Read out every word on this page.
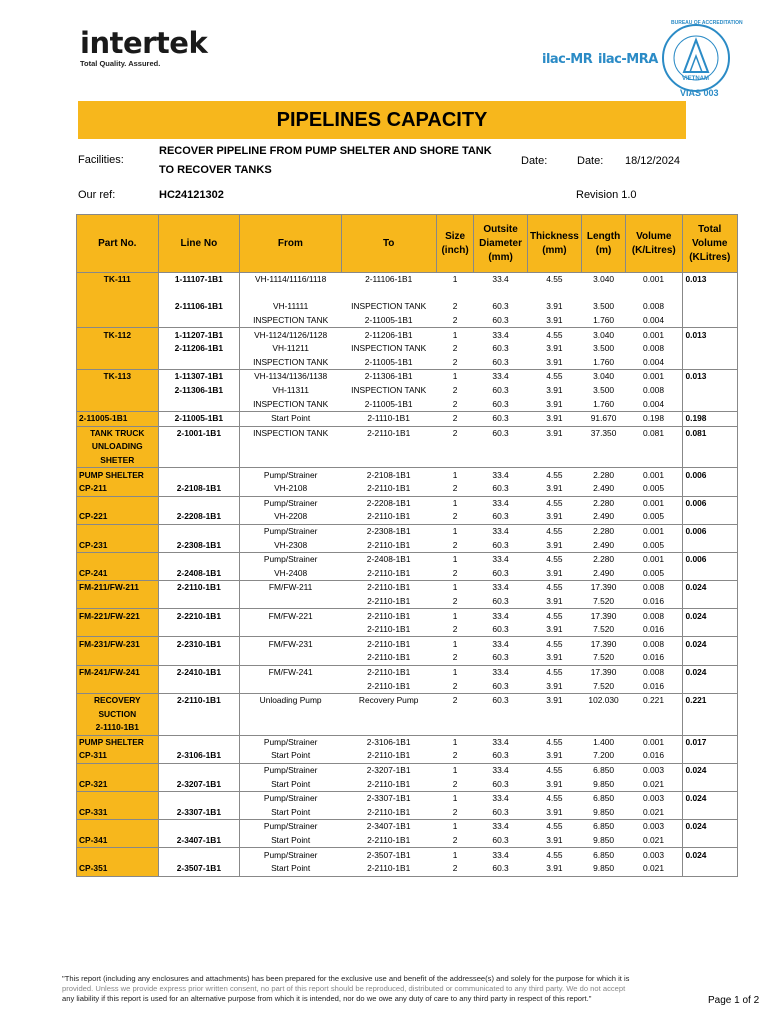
intertek
Total Quality. Assured.	ilac-MR ilac-MRA
BUREAU OF ACCREDITATION
VIETNAM
VIAS 003
PIPELINES CAPACITY
Facilities:
RECOVER PIPELINE FROM PUMP SHELTER AND SHORE TANK
TO RECOVER TANKS
Date:	Date: 18/12/2024
Our ref:	HC24121302	Revision 1.0
Part No.	Line No	From	To	Size (inch)	Outsite Diameter (mm)	Thickness (mm)	Length (m)	Volume (K/Litres)	Total Volume (KLitres)
TK-111	1-11107-1B1	VH-1114/1116/1118	2-11106-1B1	1	33.4	4.55	3.040	0.001	0.013

	2-11106-1B1	VH-11111	INSPECTION TANK	2	60.3	3.91	3.500	0.008	
		INSPECTION TANK	2-11005-1B1	2	60.3	3.91	1.760	0.004	
TK-112	1-11207-1B1	VH-1124/1126/1128	2-11206-1B1	1	33.4	4.55	3.040	0.001	0.013
	2-11206-1B1	VH-11211	INSPECTION TANK	2	60.3	3.91	3.500	0.008	
		INSPECTION TANK	2-11005-1B1	2	60.3	3.91	1.760	0.004	
TK-113	1-11307-1B1	VH-1134/1136/1138	2-11306-1B1	1	33.4	4.55	3.040	0.001	0.013
	2-11306-1B1	VH-11311	INSPECTION TANK	2	60.3	3.91	3.500	0.008	
		INSPECTION TANK	2-11005-1B1	2	60.3	3.91	1.760	0.004	
2-11005-1B1	2-11005-1B1	Start Point	2-1110-1B1	2	60.3	3.91	91.670	0.198	0.198
TANK TRUCK	2-1001-1B1	INSPECTION TANK	2-2110-1B1	2	60.3	3.91	37.350	0.081	0.081
UNLOADING									
SHETER									
PUMP SHELTER		Pump/Strainer	2-2108-1B1	1	33.4	4.55	2.280	0.001	0.006
CP-211	2-2108-1B1	VH-2108	2-2110-1B1	2	60.3	3.91	2.490	0.005	
		Pump/Strainer	2-2208-1B1	1	33.4	4.55	2.280	0.001	0.006
CP-221	2-2208-1B1	VH-2208	2-2110-1B1	2	60.3	3.91	2.490	0.005	
		Pump/Strainer	2-2308-1B1	1	33.4	4.55	2.280	0.001	0.006
CP-231	2-2308-1B1	VH-2308	2-2110-1B1	2	60.3	3.91	2.490	0.005	
		Pump/Strainer	2-2408-1B1	1	33.4	4.55	2.280	0.001	0.006
CP-241	2-2408-1B1	VH-2408	2-2110-1B1	2	60.3	3.91	2.490	0.005	
FM-211/FW-211	2-2110-1B1	FM/FW-211	2-2110-1B1	1	33.4	4.55	17.390	0.008	0.024
			2-2110-1B1	2	60.3	3.91	7.520	0.016	
FM-221/FW-221	2-2210-1B1	FM/FW-221	2-2110-1B1	1	33.4	4.55	17.390	0.008	0.024
			2-2110-1B1	2	60.3	3.91	7.520	0.016	
FM-231/FW-231	2-2310-1B1	FM/FW-231	2-2110-1B1	1	33.4	4.55	17.390	0.008	0.024
			2-2110-1B1	2	60.3	3.91	7.520	0.016	
FM-241/FW-241	2-2410-1B1	FM/FW-241	2-2110-1B1	1	33.4	4.55	17.390	0.008	0.024
			2-2110-1B1	2	60.3	3.91	7.520	0.016	
RECOVERY	2-2110-1B1	Unloading Pump	Recovery Pump	2	60.3	3.91	102.030	0.221	0.221
SUCTION									
2-1110-1B1									
PUMP SHELTER		Pump/Strainer	2-3106-1B1	1	33.4	4.55	1.400	0.001	0.017
CP-311	2-3106-1B1	Start Point	2-2110-1B1	2	60.3	3.91	7.200	0.016	
		Pump/Strainer	2-3207-1B1	1	33.4	4.55	6.850	0.003	0.024
CP-321	2-3207-1B1	Start Point	2-2110-1B1	2	60.3	3.91	9.850	0.021	
		Pump/Strainer	2-3307-1B1	1	33.4	4.55	6.850	0.003	0.024
CP-331	2-3307-1B1	Start Point	2-2110-1B1	2	60.3	3.91	9.850	0.021	
		Pump/Strainer	2-3407-1B1	1	33.4	4.55	6.850	0.003	0.024
CP-341	2-3407-1B1	Start Point	2-2110-1B1	2	60.3	3.91	9.850	0.021	
		Pump/Strainer	2-3507-1B1	1	33.4	4.55	6.850	0.003	0.024
CP-351	2-3507-1B1	Start Point	2-2110-1B1	2	60.3	3.91	9.850	0.021	
"This report (including any enclosures and attachments) has been prepared for the exclusive use and benefit of the addressee(s) and solely for the purpose for which it is
provided. Unless we provide express prior written consent, no part of this report should be reproduced, distributed or communicated to any third party. We do not accept
any liability if this report is used for an alternative purpose from which it is intended, nor do we owe any duty of care to any third party in respect of this report."	Page 1 of 2
